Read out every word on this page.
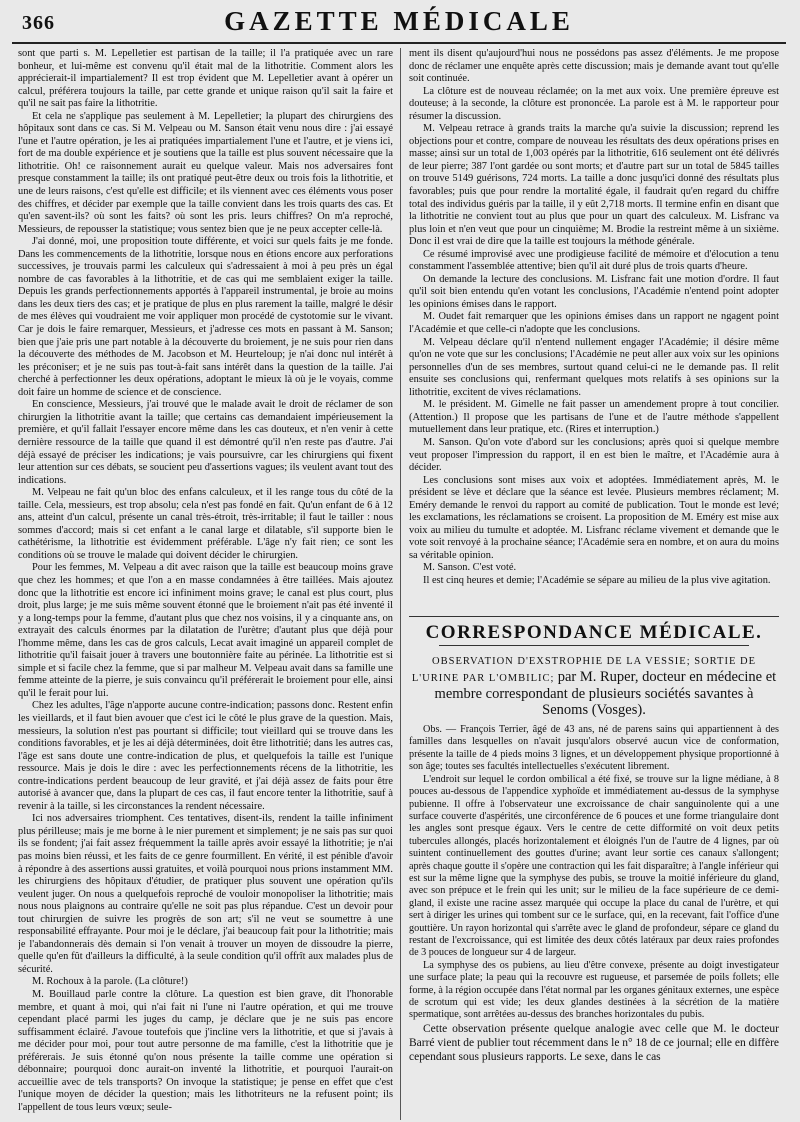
366	GAZETTE MÉDICALE

sont que parti s. M. Lepelletier est partisan de la taille; il l'a pratiquée avec un rare bonheur, et lui-même est convenu qu'il était mal de la lithotritie. Comment alors les apprécierait-il impartialement? Il est trop évident que M. Lepelletier avant à opérer un calcul, préférera toujours la taille, par cette grande et unique raison qu'il sait la faire et qu'il ne sait pas faire la lithotritie.

Et cela ne s'applique pas seulement à M. Lepelletier; la plupart des chirurgiens des hôpitaux sont dans ce cas. Si M. Velpeau ou M. Sanson était venu nous dire : j'ai essayé l'une et l'autre opération, je les ai pratiquées impartialement l'une et l'autre, et je viens ici, fort de ma double expérience et je soutiens que la taille est plus souvent nécessaire que la lithotritie. Oh! ce raisonnement aurait eu quelque valeur. Mais nos adversaires font presque constamment la taille; ils ont pratiqué peut-être deux ou trois fois la lithotritie, et une de leurs raisons, c'est qu'elle est difficile; et ils viennent avec ces éléments vous poser des chiffres, et décider par exemple que la taille convient dans les trois quarts des cas. Et qu'en savent-ils? où sont les faits? où sont les pris. leurs chiffres? On m'a reproché, Messieurs, de repousser la statistique; vous sentez bien que je ne peux accepter celle-là.

J'ai donné, moi, une proposition toute différente, et voici sur quels faits je me fonde. Dans les commencements de la lithotritie, lorsque nous en étions encore aux perforations successives, je trouvais parmi les calculeux qui s'adressaient à moi à peu près un égal nombre de cas favorables à la lithotritie, et de cas qui me semblaient exiger la taille. Depuis les grands perfectionnements apportés à l'appareil instrumental, je broie au moins dans les deux tiers des cas; et je pratique de plus en plus rarement la taille, malgré le désir de mes élèves qui voudraient me voir appliquer mon procédé de cystotomie sur le vivant. Car je dois le faire remarquer, Messieurs, et j'adresse ces mots en passant à M. Sanson; bien que j'aie pris une part notable à la découverte du broiement, je ne suis pour rien dans la découverte des méthodes de M. Jacobson et M. Heurteloup; je n'ai donc nul intérêt à les préconiser; et je ne suis pas tout-à-fait sans intérêt dans la question de la taille. J'ai cherché à perfectionner les deux opérations, adoptant le mieux là où je le voyais, comme doit faire un homme de science et de conscience.

En conscience, Messieurs, j'ai trouvé que le malade avait le droit de réclamer de son chirurgien la lithotritie avant la taille; que certains cas demandaient impérieusement la première, et qu'il fallait l'essayer encore même dans les cas douteux, et n'en venir à cette dernière ressource de la taille que quand il est démontré qu'il n'en reste pas d'autre. J'ai déjà essayé de préciser les indications; je vais poursuivre, car les chirurgiens qui fixent leur attention sur ces débats, se soucient peu d'assertions vagues; ils veulent avant tout des indications.

M. Velpeau ne fait qu'un bloc des enfans calculeux, et il les range tous du côté de la taille. Cela, messieurs, est trop absolu; cela n'est pas fondé en fait. Qu'un enfant de 6 à 12 ans, atteint d'un calcul, présente un canal très-étroit, très-irritable; il faut le tailler : nous sommes d'accord; mais si cet enfant a le canal large et dilatable, s'il supporte bien le cathétérisme, la lithotritie est évidemment préférable. L'âge n'y fait rien; ce sont les conditions où se trouve le malade qui doivent décider le chirurgien.

Pour les femmes, M. Velpeau a dit avec raison que la taille est beaucoup moins grave que chez les hommes; et que l'on a en masse condamnées à être taillées. Mais ajoutez donc que la lithotritie est encore ici infiniment moins grave; le canal est plus court, plus droit, plus large; je me suis même souvent étonné que le broiement n'ait pas été inventé il y a long-temps pour la femme, d'autant plus que chez nos voisins, il y a cinquante ans, on extrayait des calculs énormes par la dilatation de l'urètre; d'autant plus que déjà pour l'homme même, dans les cas de gros calculs, Lecat avait imaginé un appareil complet de lithotritie qu'il faisait jouer à travers une boutonnière faite au périnée. La lithotritie est si simple et si facile chez la femme, que si par malheur M. Velpeau avait dans sa famille une femme atteinte de la pierre, je suis convaincu qu'il préférerait le broiement pour elle, ainsi qu'il le ferait pour lui.

Chez les adultes, l'âge n'apporte aucune contre-indication; passons donc. Restent enfin les vieillards, et il faut bien avouer que c'est ici le côté le plus grave de la question. Mais, messieurs, la solution n'est pas pourtant si difficile; tout vieillard qui se trouve dans les conditions favorables, et je les ai déjà déterminées, doit être lithotritié; dans les autres cas, l'âge est sans doute une contre-indication de plus, et quelquefois la taille est l'unique ressource. Mais je dois le dire : avec les perfectionnements récens de la lithotritie, les contre-indications perdent beaucoup de leur gravité, et j'ai déjà assez de faits pour être autorisé à avancer que, dans la plupart de ces cas, il faut encore tenter la lithotritie, sauf à revenir à la taille, si les circonstances la rendent nécessaire.

Ici nos adversaires triomphent. Ces tentatives, disent-ils, rendent la taille infiniment plus périlleuse; mais je me borne à le nier purement et simplement; je ne sais pas sur quoi ils se fondent; j'ai fait assez fréquemment la taille après avoir essayé la lithotritie; je n'ai pas moins bien réussi, et les faits de ce genre fourmillent. En vérité, il est pénible d'avoir à répondre à des assertions aussi gratuites, et voilà pourquoi nous prions instamment MM. les chirurgiens des hôpitaux d'étudier, de pratiquer plus souvent une opération qu'ils veulent juger. On nous a quelquefois reproché de vouloir monopoliser la lithotritie; mais nous nous plaignons au contraire qu'elle ne soit pas plus répandue. C'est un devoir pour tout chirurgien de suivre les progrès de son art; s'il ne veut se soumettre à une responsabilité effrayante. Pour moi je le déclare, j'ai beaucoup fait pour la lithotritie; mais je l'abandonnerais dès demain si l'on venait à trouver un moyen de dissoudre la pierre, quelle qu'en fût d'ailleurs la difficulté, à la seule condition qu'il offrît aux malades plus de sécurité.

M. Rochoux à la parole. (La clôture!)

M. Bouillaud parle contre la clôture. La question est bien grave, dit l'honorable membre, et quant à moi, qui n'ai fait ni l'une ni l'autre opération, et qui me trouve cependant placé parmi les juges du camp, je déclare que je ne suis pas encore suffisamment éclairé. J'avoue toutefois que j'incline vers la lithotritie, et que si j'avais à me décider pour moi, pour tout autre personne de ma famille, c'est la lithotritie que je préférerais. Je suis étonné qu'on nous présente la taille comme une opération si débonnaire; pourquoi donc aurait-on inventé la lithotritie, et pourquoi l'aurait-on accueillie avec de tels transports? On invoque la statistique; je pense en effet que c'est l'unique moyen de décider la question; mais les lithotriteurs ne la refusent point; ils l'appellent de tous leurs vœux; seule-

ment ils disent qu'aujourd'hui nous ne possédons pas assez d'éléments. Je me propose donc de réclamer une enquête après cette discussion; mais je demande avant tout qu'elle soit continuée.

La clôture est de nouveau réclamée; on la met aux voix. Une première épreuve est douteuse; à la seconde, la clôture est prononcée. La parole est à M. le rapporteur pour résumer la discussion.

M. Velpeau retrace à grands traits la marche qu'a suivie la discussion; reprend les objections pour et contre, compare de nouveau les résultats des deux opérations prises en masse; ainsi sur un total de 1,003 opérés par la lithotritie, 616 seulement ont été délivrés de leur pierre; 387 l'ont gardée ou sont morts; et d'autre part sur un total de 5845 tailles on trouve 5149 guérisons, 724 morts. La taille a donc jusqu'ici donné des résultats plus favorables; puis que pour rendre la mortalité égale, il faudrait qu'en regard du chiffre total des individus guéris par la taille, il y eût 2,718 morts. Il termine enfin en disant que la lithotritie ne convient tout au plus que pour un quart des calculeux. M. Lisfranc va plus loin et n'en veut que pour un cinquième; M. Brodie la restreint même à un sixième. Donc il est vrai de dire que la taille est toujours la méthode générale.

Ce résumé improvisé avec une prodigieuse facilité de mémoire et d'élocution a tenu constamment l'assemblée attentive; bien qu'il ait duré plus de trois quarts d'heure.

On demande la lecture des conclusions. M. Lisfranc fait une motion d'ordre. Il faut qu'il soit bien entendu qu'en votant les conclusions, l'Académie n'entend point adopter les opinions émises dans le rapport.

M. Oudet fait remarquer que les opinions émises dans un rapport ne ngagent point l'Académie et que celle-ci n'adopte que les conclusions.

M. Velpeau déclare qu'il n'entend nullement engager l'Académie; il désire même qu'on ne vote que sur les conclusions; l'Académie ne peut aller aux voix sur les opinions personnelles d'un de ses membres, surtout quand celui-ci ne le demande pas. Il relit ensuite ses conclusions qui, renfermant quelques mots relatifs à ses opinions sur la lithotritie, excitent de vives réclamations.

M. le président. M. Gimelle ne fait passer un amendement propre à tout concilier. (Attention.) Il propose que les partisans de l'une et de l'autre méthode s'appellent mutuellement dans leur pratique, etc. (Rires et interruption.)

M. Sanson. Qu'on vote d'abord sur les conclusions; après quoi si quelque membre veut proposer l'impression du rapport, il en est bien le maître, et l'Académie aura à décider.

Les conclusions sont mises aux voix et adoptées. Immédiatement après, M. le président se lève et déclare que la séance est levée. Plusieurs membres réclament; M. Eméry demande le renvoi du rapport au comité de publication. Tout le monde est levé; les exclamations, les réclamations se croisent. La proposition de M. Eméry est mise aux voix au milieu du tumulte et adoptée. M. Lisfranc réclame vivement et demande que le vote soit renvoyé à la prochaine séance; l'Académie sera en nombre, et on aura du moins sa véritable opinion.

M. Sanson. C'est voté.

Il est cinq heures et demie; l'Académie se sépare au milieu de la plus vive agitation.

CORRESPONDANCE MÉDICALE.
OBSERVATION D'EXSTROPHIE DE LA VESSIE; SORTIE DE L'URINE PAR L'OMBILIC; par M. Ruper, docteur en médecine et membre correspondant de plusieurs sociétés savantes à Senoms (Vosges).

Obs. — François Terrier, âgé de 43 ans, né de parens sains qui appartiennent à des familles dans lesquelles on n'avait jusqu'alors observé aucun vice de conformation, présente la taille de 4 pieds moins 3 lignes, et un développement physique proportionné à son âge; toutes ses facultés intellectuelles s'exécutent librement.

L'endroit sur lequel le cordon ombilical a été fixé, se trouve sur la ligne médiane, à 8 pouces au-dessous de l'appendice xyphoïde et immédiatement au-dessus de la symphyse pubienne. Il offre à l'observateur une excroissance de chair sanguinolente qui a une surface couverte d'aspérités, une circonférence de 6 pouces et une forme triangulaire dont les angles sont presque égaux. Vers le centre de cette difformité on voit deux petits tubercules allongés, placés horizontalement et éloignés l'un de l'autre de 4 lignes, par où suintent continuellement des gouttes d'urine; avant leur sortie ces canaux s'allongent; après chaque goutte il s'opère une contraction qui les fait disparaître; à l'angle inférieur qui est sur la même ligne que la symphyse des pubis, se trouve la moitié inférieure du gland, avec son prépuce et le frein qui les unit; sur le milieu de la face supérieure de ce demi-gland, il existe une racine assez marquée qui occupe la place du canal de l'urètre, et qui sert à diriger les urines qui tombent sur ce le surface, qui, en la recevant, fait l'office d'une gouttière. Un rayon horizontal qui s'arrête avec le gland de profondeur, sépare ce gland du restant de l'excroissance, qui est limitée des deux côtés latéraux par deux raies profondes de 3 pouces de longueur sur 4 de largeur.

La symphyse des os pubiens, au lieu d'être convexe, présente au doigt investigateur une surface plate; la peau qui la recouvre est rugueuse, et parsemée de poils follets; elle forme, à la région occupée dans l'état normal par les organes génitaux externes, une espèce de scrotum qui est vide; les deux glandes destinées à la sécrétion de la matière spermatique, sont arrêtées au-dessus des branches horizontales du pubis.

Cette observation présente quelque analogie avec celle que M. le docteur Barré vient de publier tout récemment dans le n° 18 de ce journal; elle en diffère cependant sous plusieurs rapports. Le sexe, dans le cas
